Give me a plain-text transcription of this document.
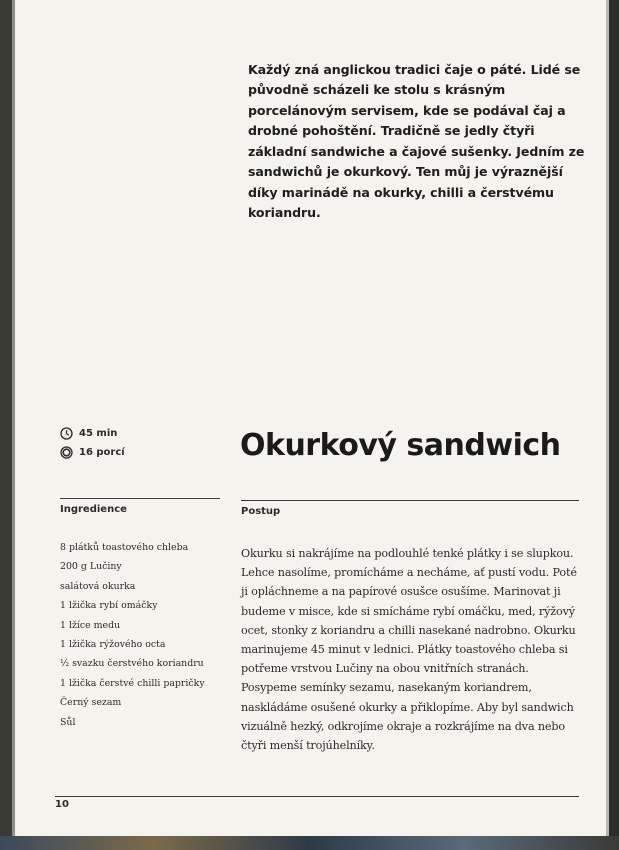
Každý zná anglickou tradici čaje o páté. Lidé se původně scházeli ke stolu s krásným porcelánovým servisem, kde se podával čaj a drobné pohoštění. Tradičně se jedly čtyři základní sandwiche a čajové sušenky. Jedním ze sandwichů je okurkový. Ten můj je výraznější díky marinádě na okurky, chilli a čerstvému koriandru.

45 min
16 porcí	Okurkový sandwich
Ingredience
8 plátků toastového chleba
200 g Lučiny
salátová okurka
1 lžička rybí omáčky
1 lžíce medu
1 lžička rýžového octa
½ svazku čerstvého koriandru
1 lžička čerstvé chilli papričky
Černý sezam
Sůl
Postup

Okurku si nakrájíme na podlouhlé tenké plátky i se slupkou. Lehce nasolíme, promícháme a necháme, ať pustí vodu. Poté ji opláchneme a na papírové osušce osušíme. Marinovat ji budeme v misce, kde si smícháme rybí omáčku, med, rýžový ocet, stonky z koriandru a chilli nasekané nadrobno. Okurku marinujeme 45 minut v lednici. Plátky toastového chleba si potřeme vrstvou Lučiny na obou vnitřních stranách. Posypeme semínky sezamu, nasekaným koriandrem, naskládáme osušené okurky a přiklopíme. Aby byl sandwich vizuálně hezký, odkrojíme okraje a rozkrájíme na dva nebo čtyři menší trojúhelníky.

10
